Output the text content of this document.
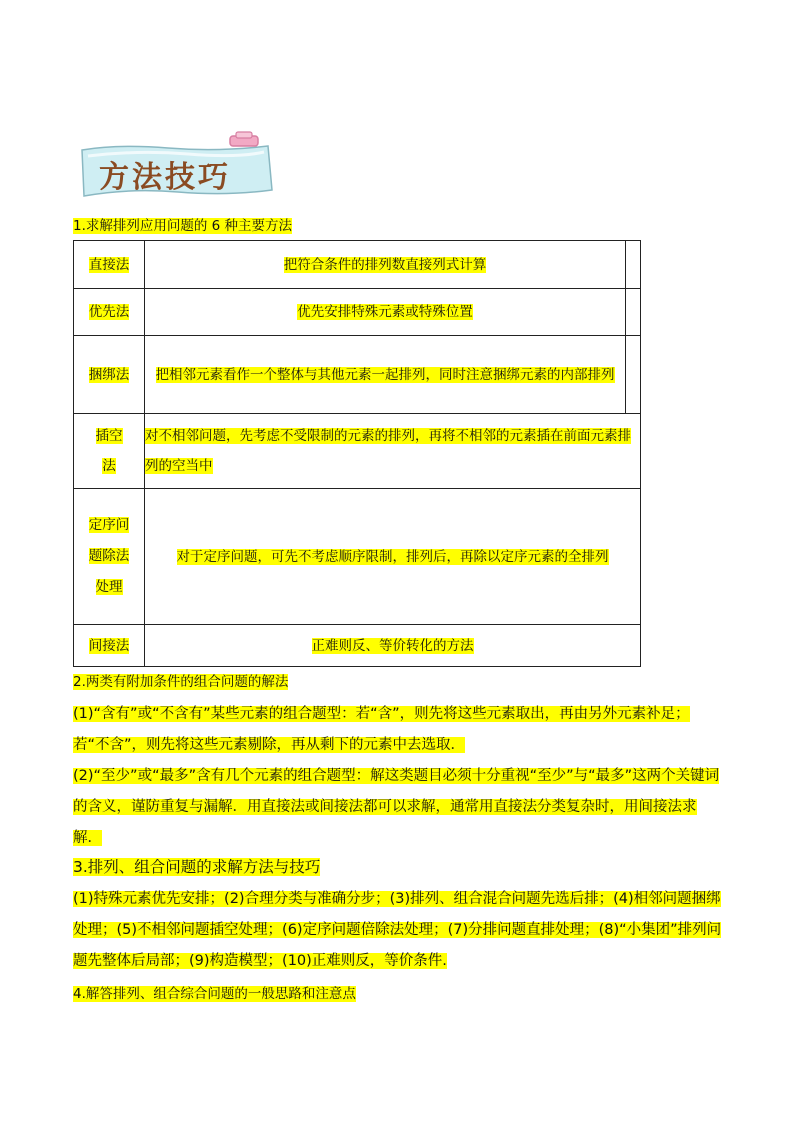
方法技巧
1.求解排列应用问题的 6 种主要方法
直接法	把符合条件的排列数直接列式计算	
优先法	优先安排特殊元素或特殊位置	
捆绑法	把相邻元素看作一个整体与其他元素一起排列，同时注意捆绑元素的内部排列	

插空法	对不相邻问题，先考虑不受限制的元素的排列，再将不相邻的元素插在前面元素排列的空当中	

定序问题除法处理	对于定序问题，可先不考虑顺序限制，排列后，再除以定序元素的全排列	
间接法	正难则反、等价转化的方法	
2.两类有附加条件的组合问题的解法
(1)“含有”或“不含有”某些元素的组合题型：若“含”，则先将这些元素取出，再由另外元素补足；若“不含”，则先将这些元素剔除，再从剩下的元素中去选取．
(2)“至少”或“最多”含有几个元素的组合题型：解这类题目必须十分重视“至少”与“最多”这两个关键词的含义，谨防重复与漏解．用直接法或间接法都可以求解，通常用直接法分类复杂时，用间接法求解．
3.排列、组合问题的求解方法与技巧
(1)特殊元素优先安排；(2)合理分类与准确分步；(3)排列、组合混合问题先选后排；(4)相邻问题捆绑处理；(5)不相邻问题插空处理；(6)定序问题倍除法处理；(7)分排问题直排处理；(8)“小集团”排列问题先整体后局部；(9)构造模型；(10)正难则反，等价条件.
4.解答排列、组合综合问题的一般思路和注意点
